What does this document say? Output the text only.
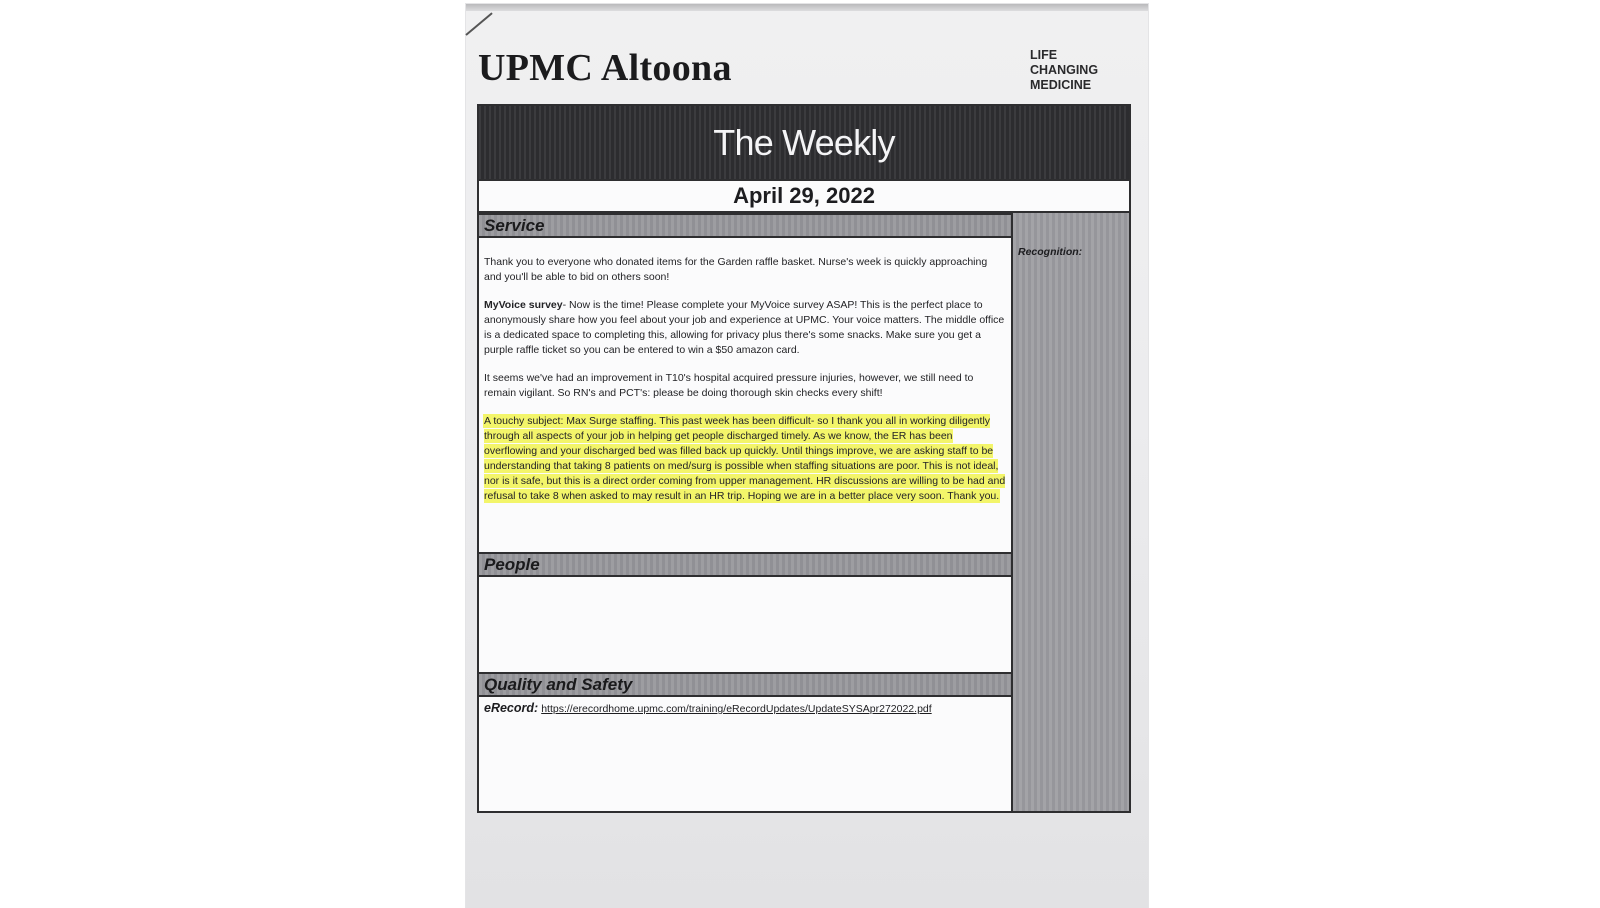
UPMC Altoona	LIFE
CHANGING
MEDICINE
The Weekly
April 29, 2022
Service

Thank you to everyone who donated items for the Garden raffle basket. Nurse's week is quickly approaching and you'll be able to bid on others soon!

MyVoice survey- Now is the time! Please complete your MyVoice survey ASAP! This is the perfect place to anonymously share how you feel about your job and experience at UPMC. Your voice matters. The middle office is a dedicated space to completing this, allowing for privacy plus there's some snacks. Make sure you get a purple raffle ticket so you can be entered to win a $50 amazon card.

It seems we've had an improvement in T10's hospital acquired pressure injuries, however, we still need to remain vigilant. So RN's and PCT's: please be doing thorough skin checks every shift!

A touchy subject: Max Surge staffing. This past week has been difficult- so I thank you all in working diligently through all aspects of your job in helping get people discharged timely. As we know, the ER has been overflowing and your discharged bed was filled back up quickly. Until things improve, we are asking staff to be understanding that taking 8 patients on med/surg is possible when staffing situations are poor. This is not ideal, nor is it safe, but this is a direct order coming from upper management. HR discussions are willing to be had and refusal to take 8 when asked to may result in an HR trip. Hoping we are in a better place very soon. Thank you.

People
Quality and Safety
eRecord: https://erecordhome.upmc.com/training/eRecordUpdates/UpdateSYSApr272022.pdf
Recognition:
